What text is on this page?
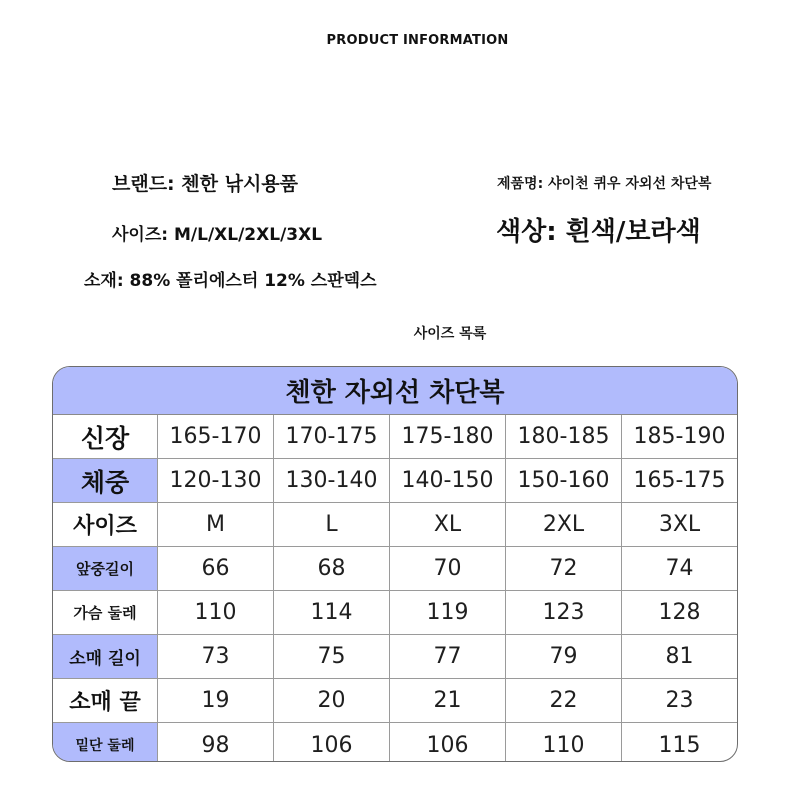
PRODUCT INFORMATION
브랜드: 첸한 낚시용품	제품명: 샤이천 퀴우 자외선 차단복
사이즈: M/L/XL/2XL/3XL	색상: 흰색/보라색
소재: 88% 폴리에스터 12% 스판덱스
사이즈 목록
첸한 자외선 차단복
신장	165-170	170-175	175-180	180-185	185-190
체중	120-130	130-140	140-150	150-160	165-175
사이즈	M	L	XL	2XL	3XL
앞중길이	66	68	70	72	74
가슴 둘레	110	114	119	123	128
소매 길이	73	75	77	79	81
소매 끝	19	20	21	22	23
밑단 둘레	98	106	106	110	115
